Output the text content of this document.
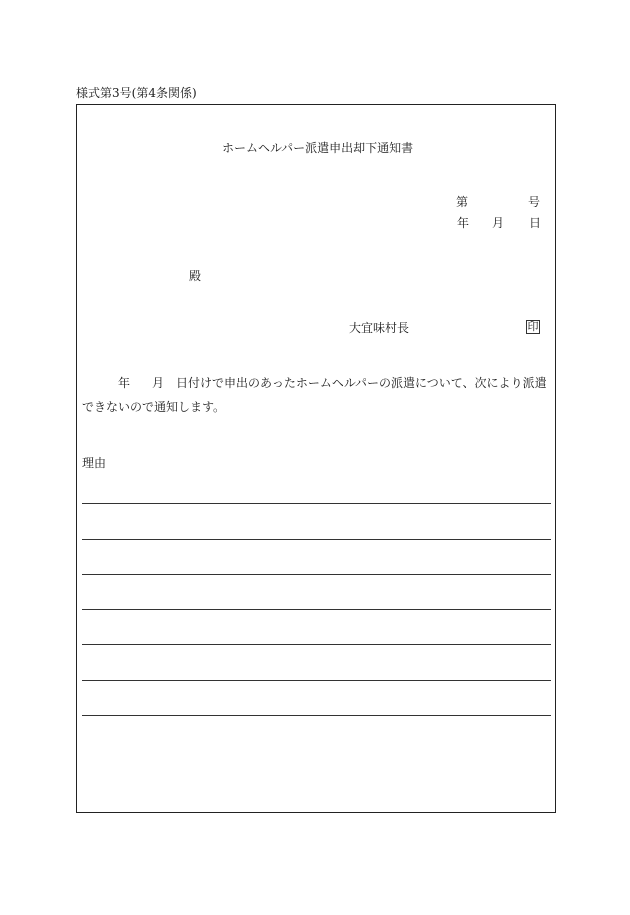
様式第3号(第4条関係)
ホームヘルパー派遣申出却下通知書
第	号
年 月 日
殿
大宜味村長	印
年 月 日付けで申出のあったホームヘルパーの派遣について、次により派遣
できないので通知します。
理由
